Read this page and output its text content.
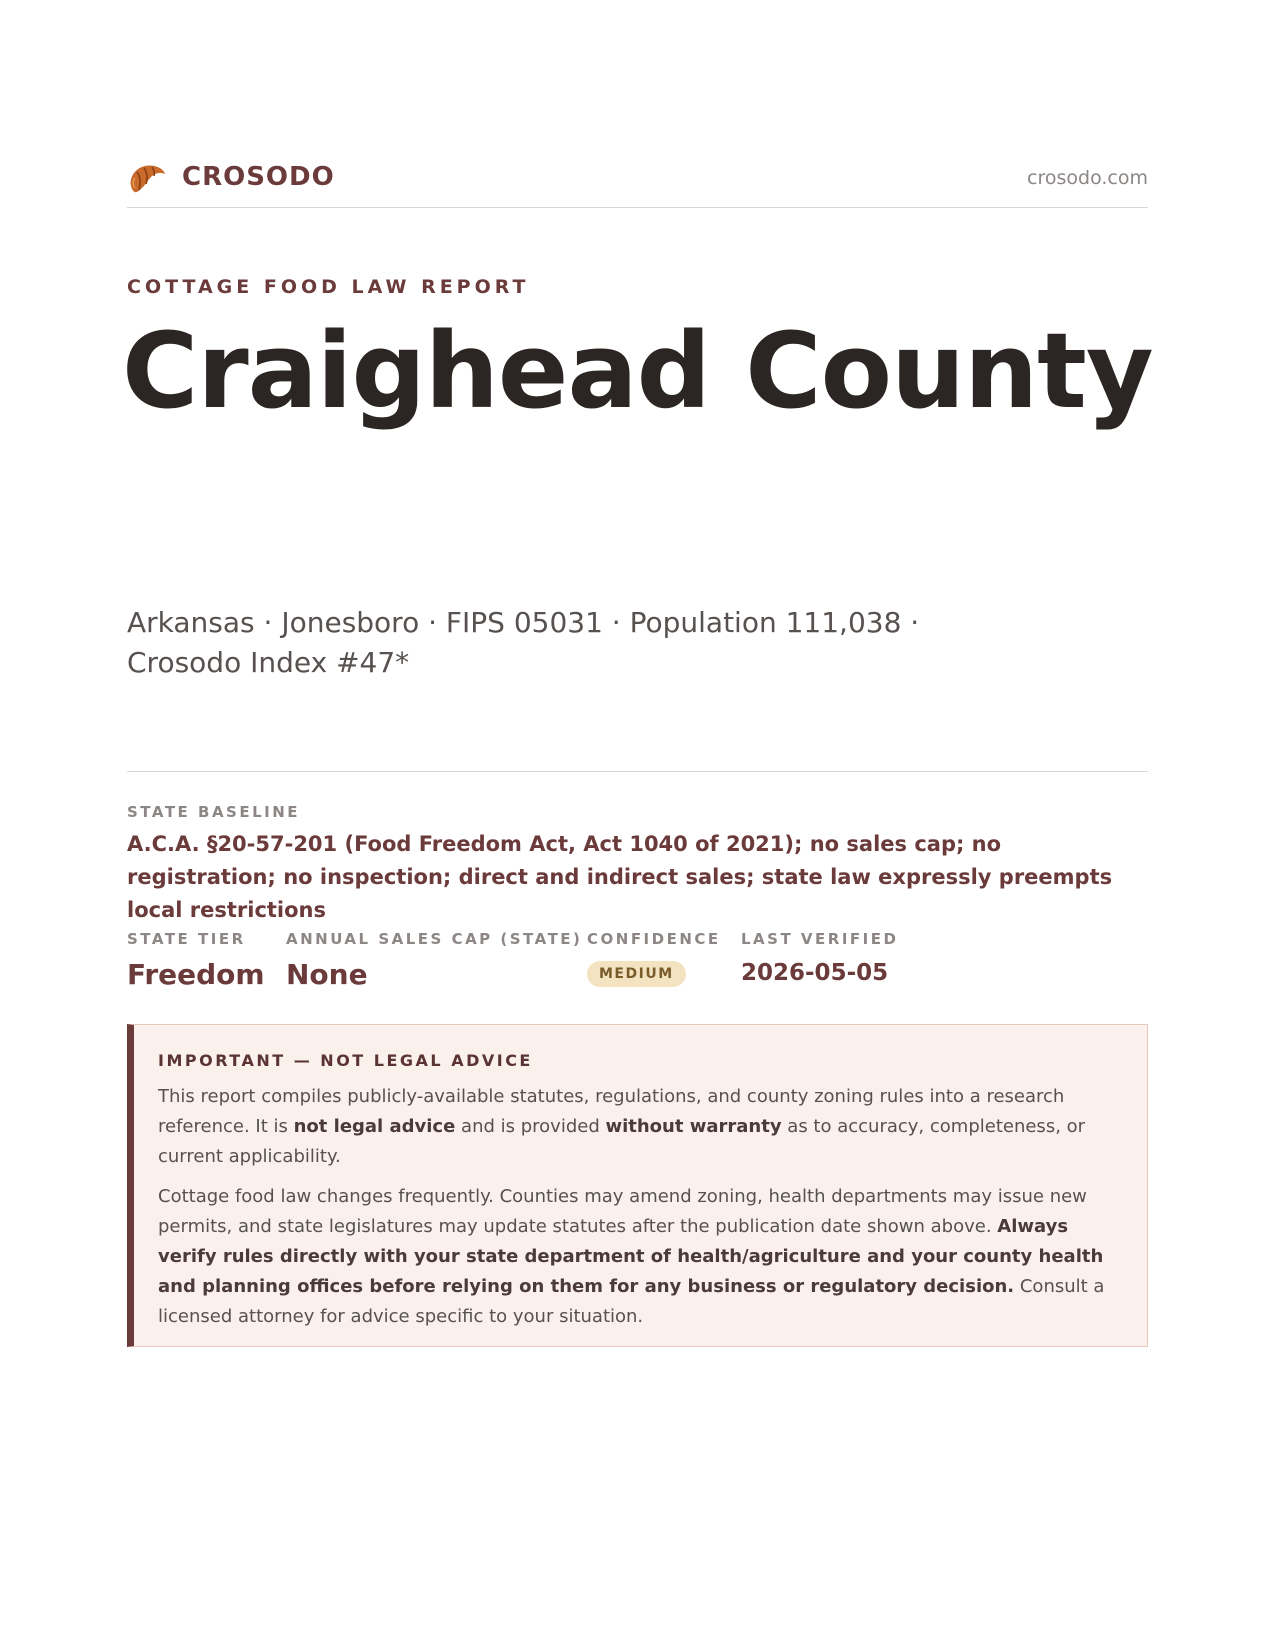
CROSODO	crosodo.com
COTTAGE FOOD LAW REPORT
Craighead County
Arkansas · Jonesboro · FIPS 05031 · Population 111,038 ·
Crosodo Index #47*
STATE BASELINE
A.C.A. §20-57-201 (Food Freedom Act, Act 1040 of 2021); no sales cap; no registration; no inspection; direct and indirect sales; state law expressly preempts local restrictions
STATE TIER
Freedom
ANNUAL SALES CAP (STATE)
None
CONFIDENCE
MEDIUM
LAST VERIFIED
2026-05-05
IMPORTANT — NOT LEGAL ADVICE

This report compiles publicly-available statutes, regulations, and county zoning rules into a research reference. It is not legal advice and is provided without warranty as to accuracy, completeness, or current applicability.

Cottage food law changes frequently. Counties may amend zoning, health departments may issue new permits, and state legislatures may update statutes after the publication date shown above. Always verify rules directly with your state department of health/agriculture and your county health and planning offices before relying on them for any business or regulatory decision. Consult a licensed attorney for advice specific to your situation.
